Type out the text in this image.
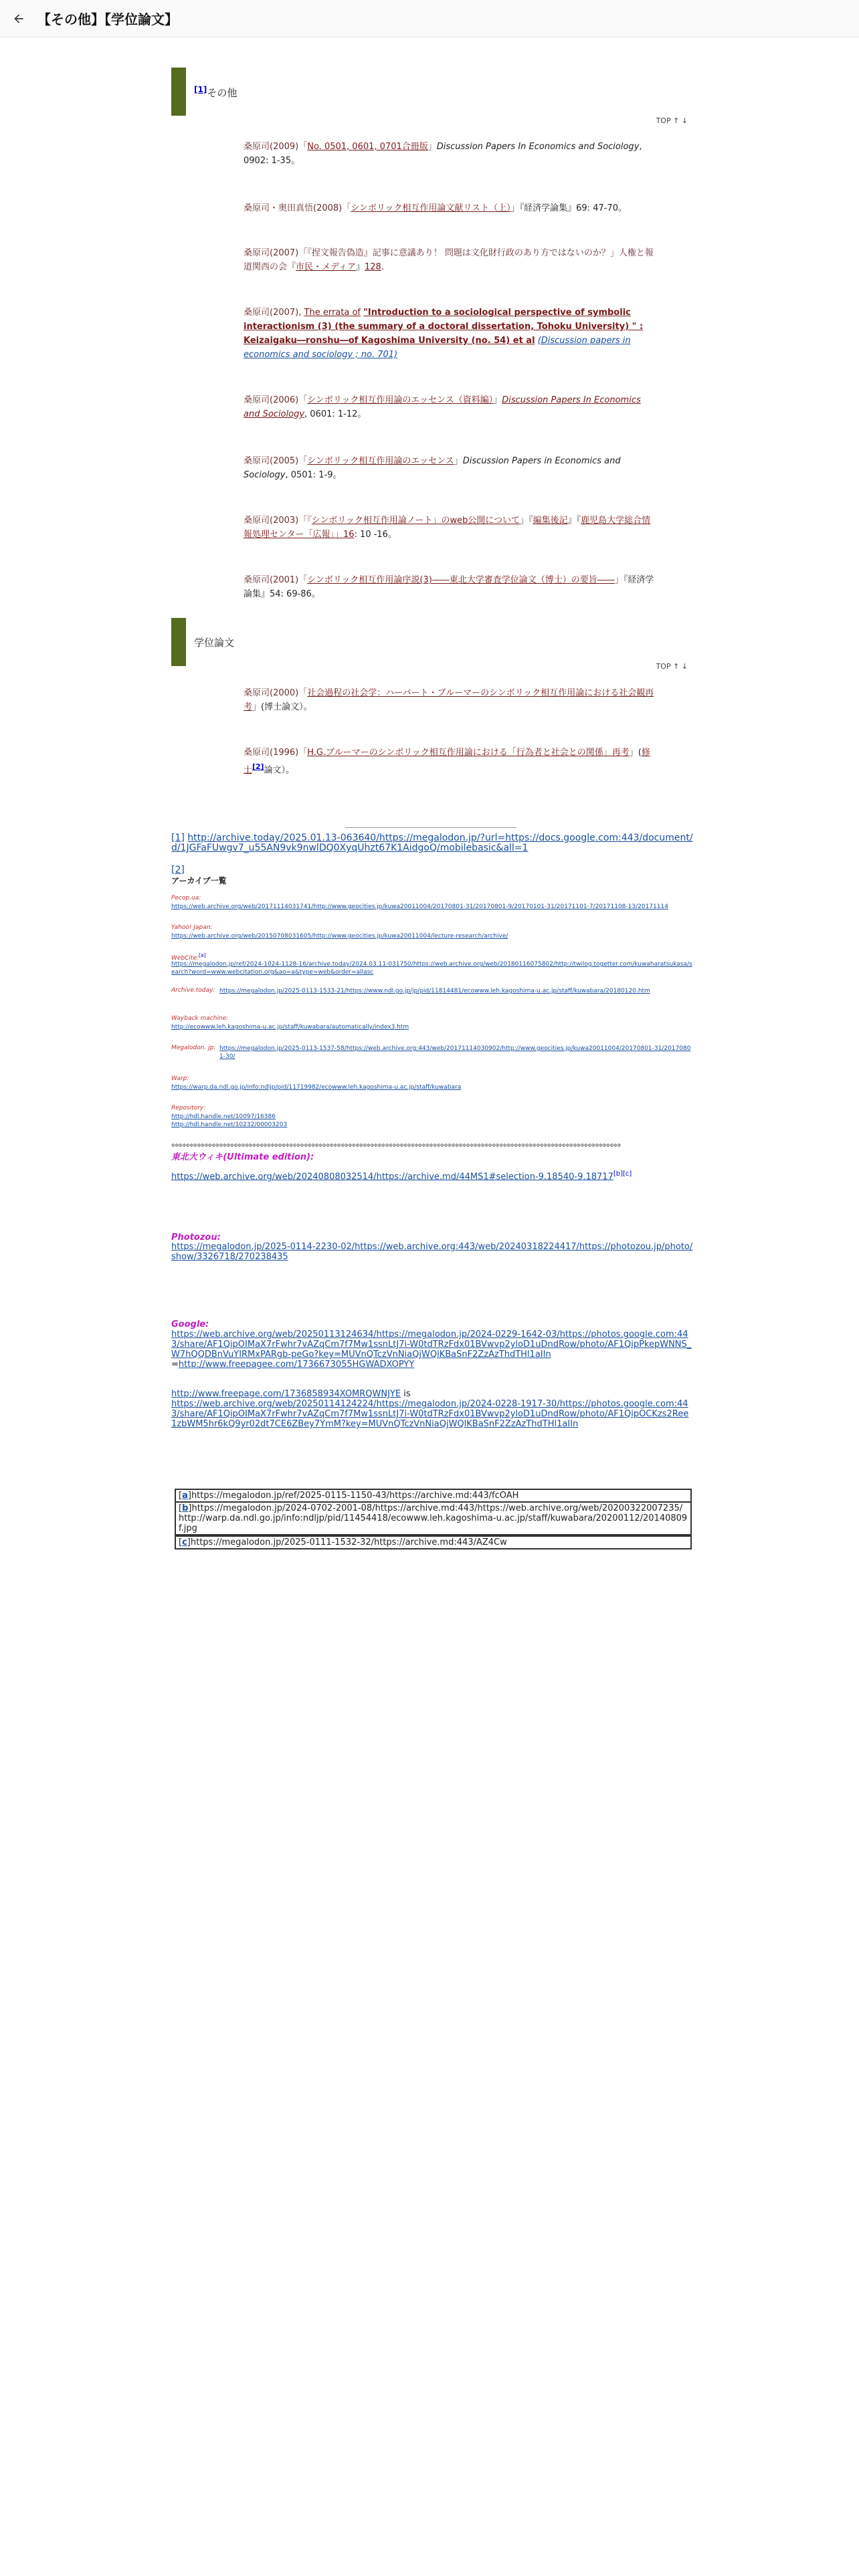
【その他】【学位論文】
[1]その他
TOP ↑ ↓
桑原司(2009)「No. 0501, 0601, 0701合冊版」Discussion Papers In Economics and Sociology, 0902: 1-35。
桑原司・奥田真悟(2008)「シンボリック相互作用論文献リスト（上）」『経済学論集』69: 47-70。
桑原司(2007)「『捏文報告偽造』記事に意議あり！ 問題は文化財行政のあり方ではないのか？」人権と報道関西の会『市民・メディア』128.
桑原司(2007), The errata of "Introduction to a sociological perspective of symbolic interactionism (3) (the summary of a doctoral dissertation, Tohoku University) " : Keizaigaku―ronshu―of Kagoshima University (no. 54) et al (Discussion papers in economics and sociology ; no. 701)
桑原司(2006)「シンボリック相互作用論のエッセンス（資料編）」Discussion Papers In Economics and Sociology, 0601: 1-12。
桑原司(2005)「シンボリック相互作用論のエッセンス」Discussion Papers in Economics and Sociology, 0501: 1-9。
桑原司(2003)「『シンボリック相互作用論ノート」のweb公開について」『編集後記』『鹿児島大学総合情報処理センター「広報」」16: 10 -16。
桑原司(2001)「シンボリック相互作用論序説(3)――東北大学審査学位論文（博士）の要旨――」『経済学論集』54: 69-86。
学位論文
TOP ↑ ↓
桑原司(2000)「社会過程の社会学：ハーバート・ブルーマーのシンボリック相互作用論における社会観再考」(博士論文）。
桑原司(1996)「H.G.ブルーマーのシンボリック相互作用論における「行為者と社会との関係」再考」(修士[2]論文）。
[1] http://archive.today/2025.01.13-063640/https://megalodon.jp/?url=https://docs.google.com:443/document/d/1JGFaFUwgv7_u55AN9vk9nwlDQ0XyqUhzt67K1AidgoQ/mobilebasic&all=1
[2]
アーカイブ一覧
Ресор.ua:
https://web.archive.org/web/20171114031741/http://www.geocities.jp/kuwa20011004/20170801-31/20170801-9/20170101-31/20171101-7/20171108-13/20171114
Yahoo! Japan:
https://web.archive.org/web/20150708031605/http://www.geocities.jp/kuwa20011004/lecture-research/archive/
WebCite:[a]
https://megalodon.jp/ref/2024-1024-1128-16/archive.today/2024.03.11-031750/https://web.archive.org/web/20180116075802/http://twilog.togetter.com/kuwaharatsukasa/search?word=www.webcitation.org&ao=a&type=web&order=allasc
Archive.today: https://megalodon.jp/2025-0113-1533-21/https://www.ndl.go.jp/jp/pid/11814481/ecowww.leh.kagoshima-u.ac.jp/staff/kuwabara/20180120.htm
Wayback machine:
http://ecowww.leh.kagoshima-u.ac.jp/staff/kuwabara/automatically/index3.htm
Megalodon. jp: https://megalodon.jp/2025-0113-1537-58/https://web.archive.org:443/web/20171114030902/http://www.geocities.jp/kuwa20011004/20170801-31/20170801-30/
Warp:
https://warp.da.ndl.go.jp/info:ndljp/pid/11719982/ecowww.leh.kagoshima-u.ac.jp/staff/kuwabara
Repository:
http://hdl.handle.net/10097/16386
http://hdl.handle.net/10232/00003203
ΦΦΦΦΦΦΦΦΦΦΦΦΦΦΦΦΦΦΦΦΦΦΦΦΦΦΦΦΦΦΦΦΦΦΦΦΦΦΦΦΦΦΦΦΦΦΦΦΦΦΦΦΦΦΦΦΦΦΦΦΦΦΦΦΦΦΦΦΦΦΦΦΦΦΦΦΦΦΦΦΦΦΦΦΦΦΦΦΦΦΦΦΦΦΦΦΦΦΦΦΦΦΦΦΦΦΦΦΦΦΦΦΦΦΦΦΦΦΦΦΦΦ
東北大ウィキ(Ultimate edition):
https://web.archive.org/web/20240808032514/https://archive.md/44MS1#selection-9.18540-9.18717[b][c]
Photozou:
https://megalodon.jp/2025-0114-2230-02/https://web.archive.org:443/web/20240318224417/https://photozou.jp/photo/show/3326718/270238435
Google:
https://web.archive.org/web/20250113124634/https://megalodon.jp/2024-0229-1642-03/https://photos.google.com:443/share/AF1QipOIMaX7rFwhr7vAZqCm7f7Mw1ssnLtJ7i-W0tdTRzFdx01BVwvp2yloD1uDndRow/photo/AF1QipPkepWNNS_W7hQQDBnVuYIRMxPARgb-peGo?key=MUVnQTczVnNiaQjWQlKBaSnF2ZzAzThdTHl1aIIn
=http://www.freepagee.com/1736673055HGWADXOPYY
http://www.freepage.com/1736858934XOMRQWNJYE is
https://web.archive.org/web/20250114124224/https://megalodon.jp/2024-0228-1917-30/https://photos.google.com:443/share/AF1QipOIMaX7rFwhr7vAZqCm7f7Mw1ssnLtJ7i-W0tdTRzFdx01BVwvp2yloD1uDndRow/photo/AF1QipOCKzs2Ree1zbWM5hr6kQ9yr02dt7CE6ZBey7YmM?key=MUVnQTczVnNiaQjWQlKBaSnF2ZzAzThdTHl1aIIn
[a]https://megalodon.jp/ref/2025-0115-1150-43/https://archive.md:443/fcOAH
[b]https://megalodon.jp/2024-0702-2001-08/https://archive.md:443/https://web.archive.org/web/20200322007235/http://warp.da.ndl.go.jp/info:ndljp/pid/11454418/ecowww.leh.kagoshima-u.ac.jp/staff/kuwabara/20200112/20140809f.jpg
[c]https://megalodon.jp/2025-0111-1532-32/https://archive.md:443/AZ4Cw
